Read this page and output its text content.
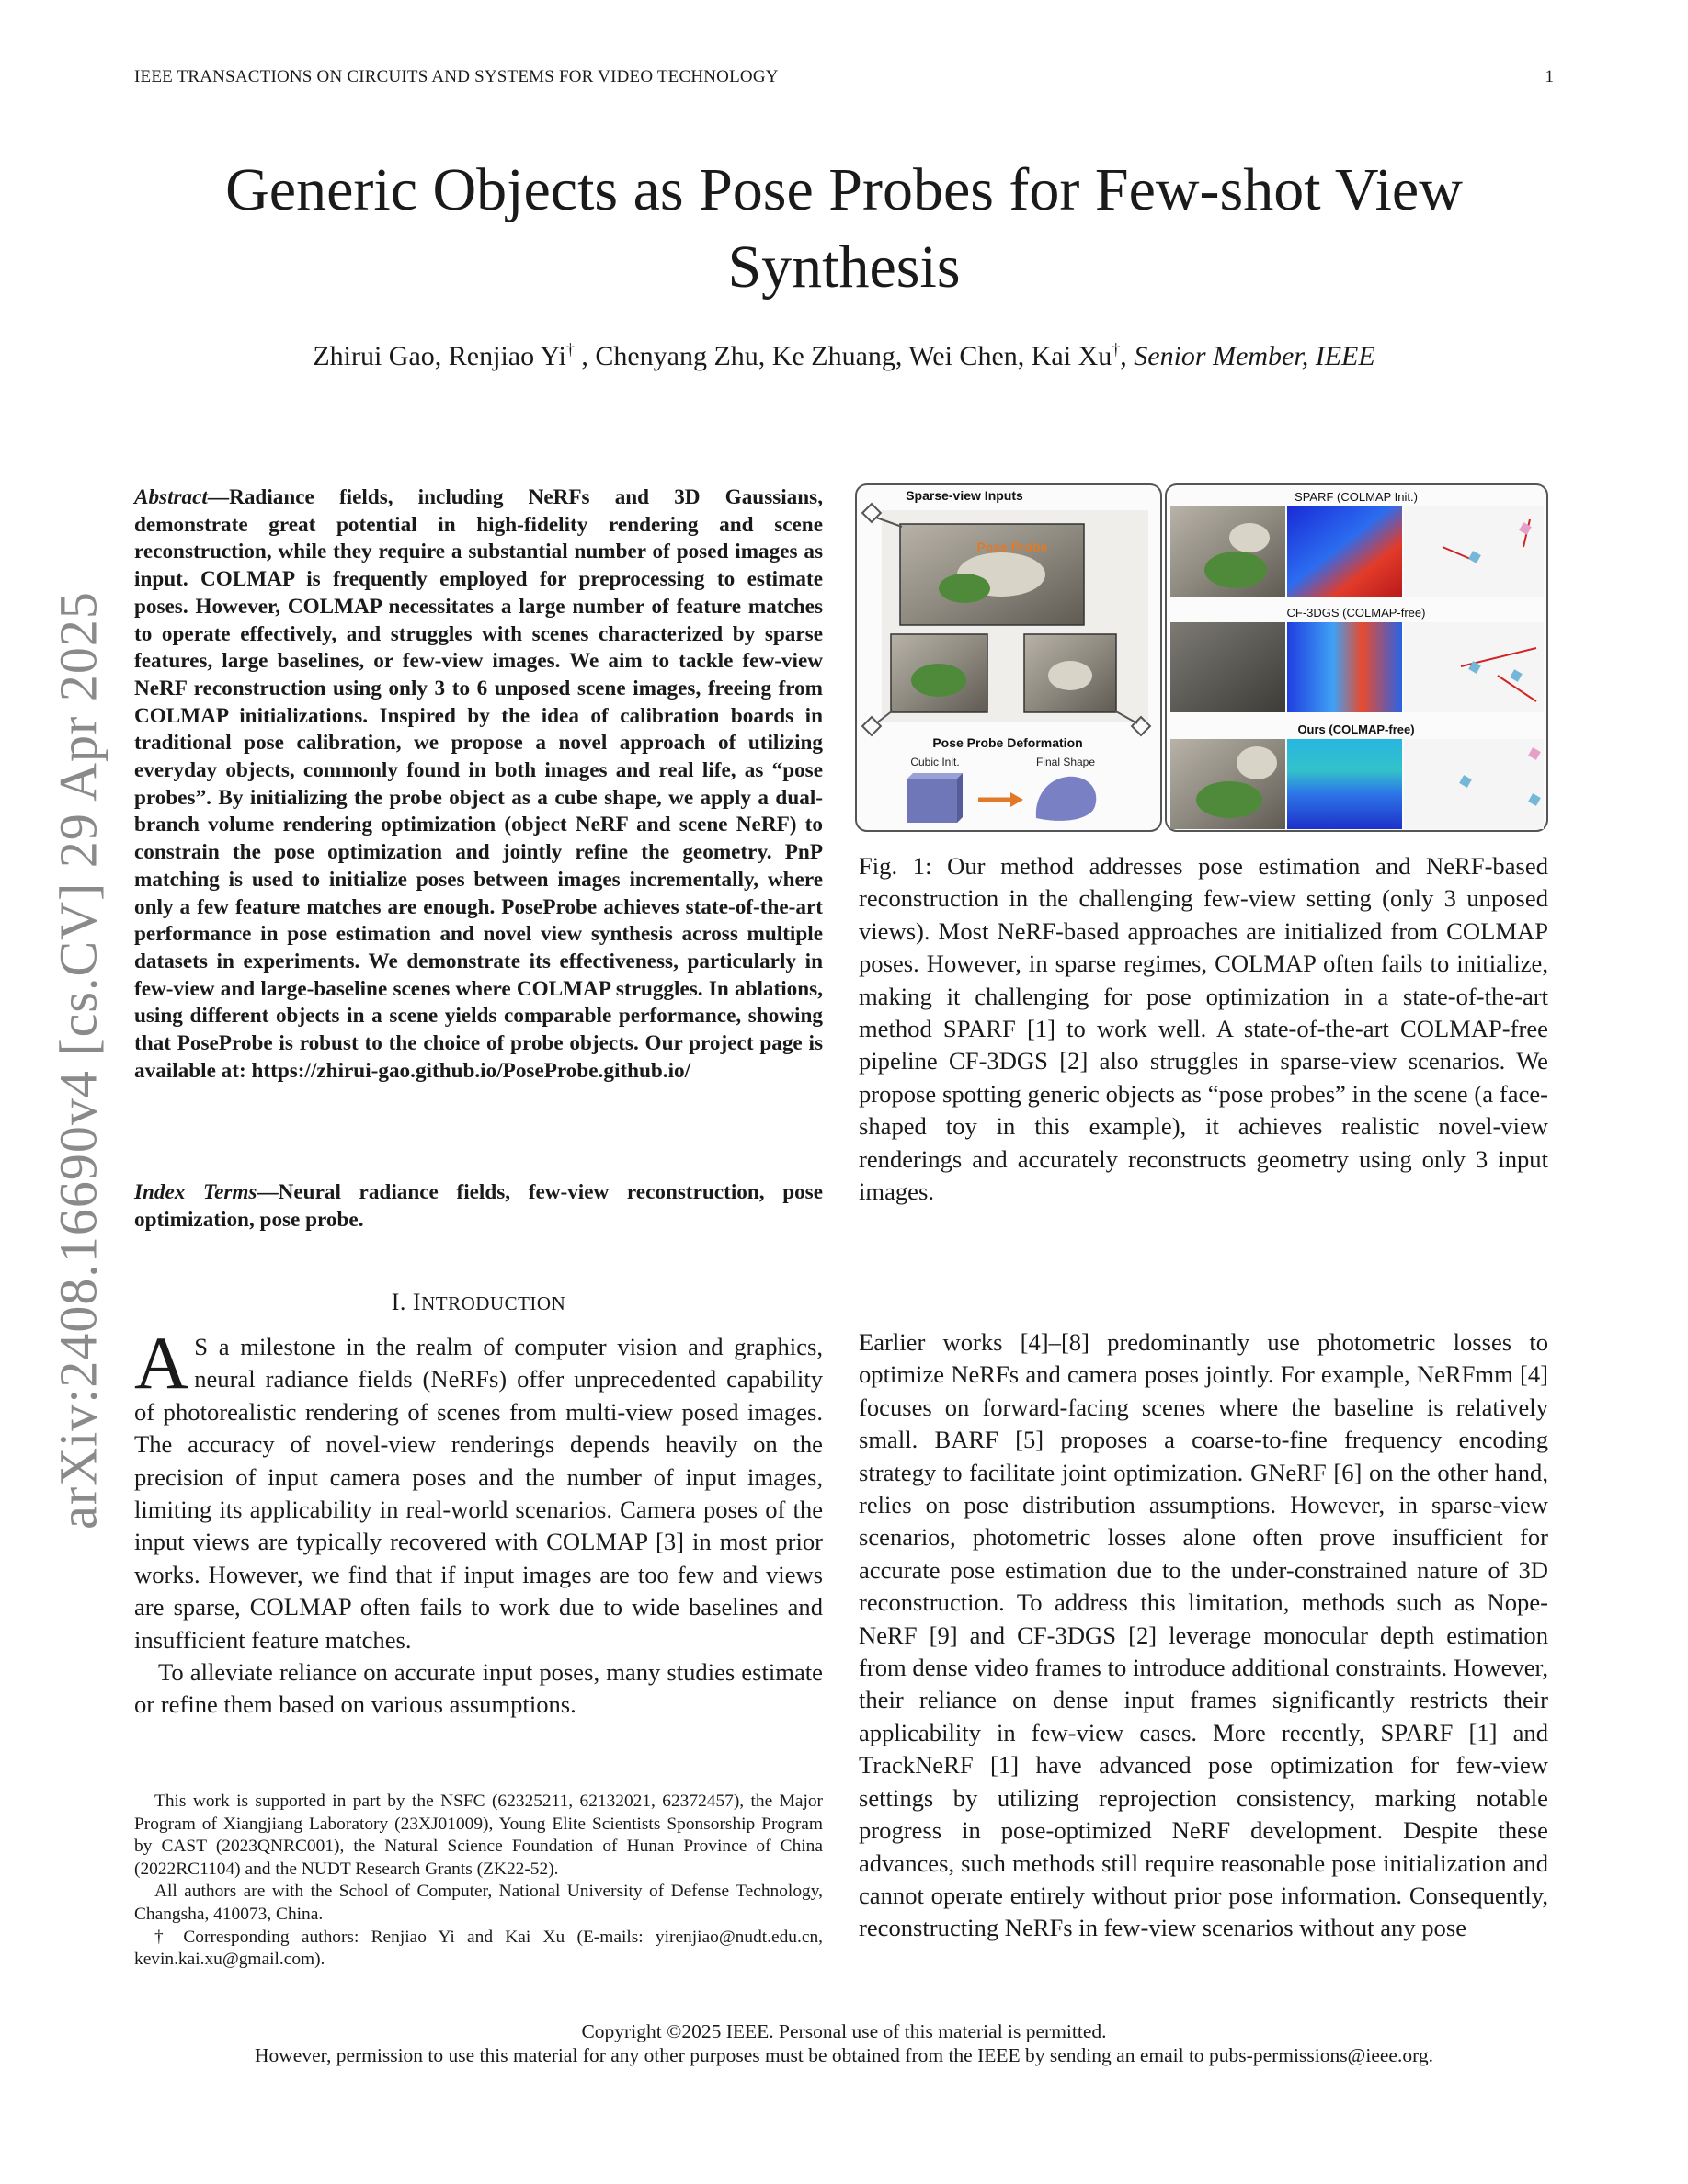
IEEE TRANSACTIONS ON CIRCUITS AND SYSTEMS FOR VIDEO TECHNOLOGY	1
Generic Objects as Pose Probes for Few-shot View Synthesis
Zhirui Gao, Renjiao Yi† , Chenyang Zhu, Ke Zhuang, Wei Chen, Kai Xu†, Senior Member, IEEE
arXiv:2408.16690v4 [cs.CV] 29 Apr 2025
Abstract—Radiance fields, including NeRFs and 3D Gaussians, demonstrate great potential in high-fidelity rendering and scene reconstruction, while they require a substantial number of posed images as input. COLMAP is frequently employed for preprocessing to estimate poses. However, COLMAP necessitates a large number of feature matches to operate effectively, and struggles with scenes characterized by sparse features, large baselines, or few-view images. We aim to tackle few-view NeRF reconstruction using only 3 to 6 unposed scene images, freeing from COLMAP initializations. Inspired by the idea of calibration boards in traditional pose calibration, we propose a novel approach of utilizing everyday objects, commonly found in both images and real life, as “pose probes”. By initializing the probe object as a cube shape, we apply a dual-branch volume rendering optimization (object NeRF and scene NeRF) to constrain the pose optimization and jointly refine the geometry. PnP matching is used to initialize poses between images incrementally, where only a few feature matches are enough. PoseProbe achieves state-of-the-art performance in pose estimation and novel view synthesis across multiple datasets in experiments. We demonstrate its effectiveness, particularly in few-view and large-baseline scenes where COLMAP struggles. In ablations, using different objects in a scene yields comparable performance, showing that PoseProbe is robust to the choice of probe objects. Our project page is available at: https://zhirui-gao.github.io/PoseProbe.github.io/
Index Terms—Neural radiance fields, few-view reconstruction, pose optimization, pose probe.
I. INTRODUCTION

A S a milestone in the realm of computer vision and graphics, neural radiance fields (NeRFs) offer unprecedented capability of photorealistic rendering of scenes from multi-view posed images. The accuracy of novel-view renderings depends heavily on the precision of input camera poses and the number of input images, limiting its applicability in real-world scenarios. Camera poses of the input views are typically recovered with COLMAP [3] in most prior works. However, we find that if input images are too few and views are sparse, COLMAP often fails to work due to wide baselines and insufficient feature matches.

To alleviate reliance on accurate input poses, many studies estimate or refine them based on various assumptions.

This work is supported in part by the NSFC (62325211, 62132021, 62372457), the Major Program of Xiangjiang Laboratory (23XJ01009), Young Elite Scientists Sponsorship Program by CAST (2023QNRC001), the Natural Science Foundation of Hunan Province of China (2022RC1104) and the NUDT Research Grants (ZK22-52).

All authors are with the School of Computer, National University of Defense Technology, Changsha, 410073, China.

† Corresponding authors: Renjiao Yi and Kai Xu (E-mails: yirenjiao@nudt.edu.cn, kevin.kai.xu@gmail.com).

Sparse-view Inputs
Pose Probe
Pose Probe Deformation
Cubic Init.	Final Shape
SPARF (COLMAP Init.)
CF-3DGS (COLMAP-free)
Ours (COLMAP-free)
Fig. 1: Our method addresses pose estimation and NeRF-based reconstruction in the challenging few-view setting (only 3 unposed views). Most NeRF-based approaches are initialized from COLMAP poses. However, in sparse regimes, COLMAP often fails to initialize, making it challenging for pose optimization in a state-of-the-art method SPARF [1] to work well. A state-of-the-art COLMAP-free pipeline CF-3DGS [2] also struggles in sparse-view scenarios. We propose spotting generic objects as “pose probes” in the scene (a face-shaped toy in this example), it achieves realistic novel-view renderings and accurately reconstructs geometry using only 3 input images.
Earlier works [4]–[8] predominantly use photometric losses to optimize NeRFs and camera poses jointly. For example, NeRFmm [4] focuses on forward-facing scenes where the baseline is relatively small. BARF [5] proposes a coarse-to-fine frequency encoding strategy to facilitate joint optimization. GNeRF [6] on the other hand, relies on pose distribution assumptions. However, in sparse-view scenarios, photometric losses alone often prove insufficient for accurate pose estimation due to the under-constrained nature of 3D reconstruction. To address this limitation, methods such as Nope-NeRF [9] and CF-3DGS [2] leverage monocular depth estimation from dense video frames to introduce additional constraints. However, their reliance on dense input frames significantly restricts their applicability in few-view cases. More recently, SPARF [1] and TrackNeRF [1] have advanced pose optimization for few-view settings by utilizing reprojection consistency, marking notable progress in pose-optimized NeRF development. Despite these advances, such methods still require reasonable pose initialization and cannot operate entirely without prior pose information. Consequently, reconstructing NeRFs in few-view scenarios without any pose
Copyright ©2025 IEEE. Personal use of this material is permitted.
However, permission to use this material for any other purposes must be obtained from the IEEE by sending an email to pubs-permissions@ieee.org.
